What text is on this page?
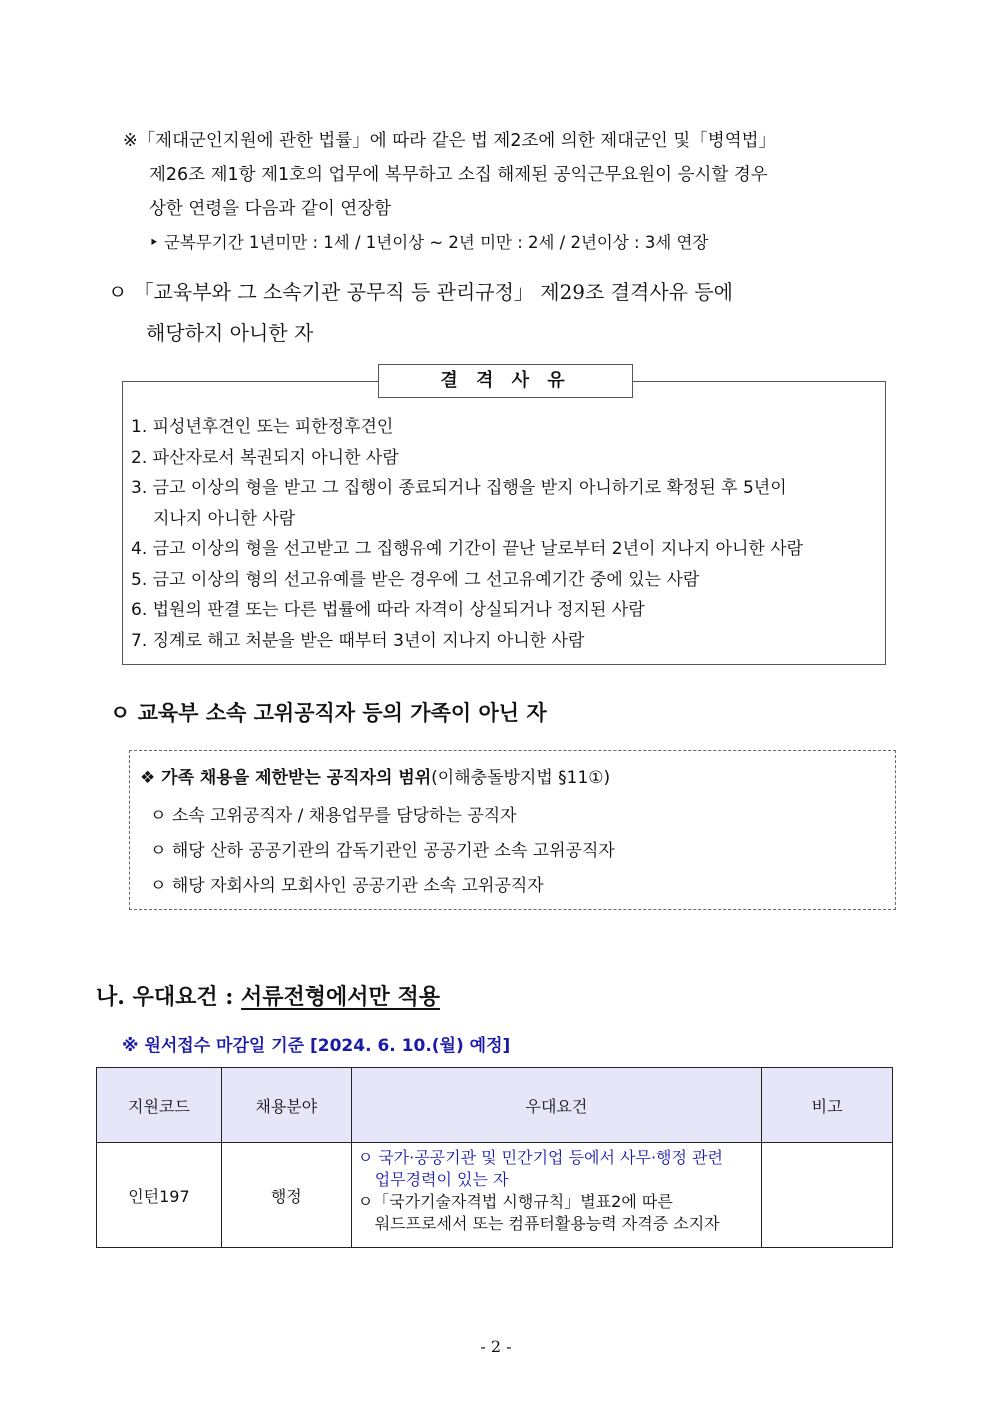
※「제대군인지원에 관한 법률」에 따라 같은 법 제2조에 의한 제대군인 및「병역법」
제26조 제1항 제1호의 업무에 복무하고 소집 해제된 공익근무요원이 응시할 경우
상한 연령을 다음과 같이 연장함
‣ 군복무기간 1년미만 : 1세 / 1년이상 ~ 2년 미만 : 2세 / 2년이상 : 3세 연장
ㅇ 「교육부와 그 소속기관 공무직 등 관리규정」 제29조 결격사유 등에
해당하지 아니한 자
결 격 사 유
1. 피성년후견인 또는 피한정후견인
2. 파산자로서 복권되지 아니한 사람
3. 금고 이상의 형을 받고 그 집행이 종료되거나 집행을 받지 아니하기로 확정된 후 5년이
지나지 아니한 사람
4. 금고 이상의 형을 선고받고 그 집행유예 기간이 끝난 날로부터 2년이 지나지 아니한 사람
5. 금고 이상의 형의 선고유예를 받은 경우에 그 선고유예기간 중에 있는 사람
6. 법원의 판결 또는 다른 법률에 따라 자격이 상실되거나 정지된 사람
7. 징계로 해고 처분을 받은 때부터 3년이 지나지 아니한 사람
ㅇ 교육부 소속 고위공직자 등의 가족이 아닌 자
❖ 가족 채용을 제한받는 공직자의 범위(이해충돌방지법 §11①)
ㅇ 소속 고위공직자 / 채용업무를 담당하는 공직자
ㅇ 해당 산하 공공기관의 감독기관인 공공기관 소속 고위공직자
ㅇ 해당 자회사의 모회사인 공공기관 소속 고위공직자
나. 우대요건 : 서류전형에서만 적용
※ 원서접수 마감일 기준 [2024. 6. 10.(월) 예정]
지원코드	채용분야	우대요건	비고
인턴197	행정	ㅇ 국가·공공기관 및 민간기업 등에서 사무·행정 관련
업무경력이 있는 자
ㅇ「국가기술자격법 시행규칙」별표2에 따른
워드프로세서 또는 컴퓨터활용능력 자격증 소지자	

- 2 -
